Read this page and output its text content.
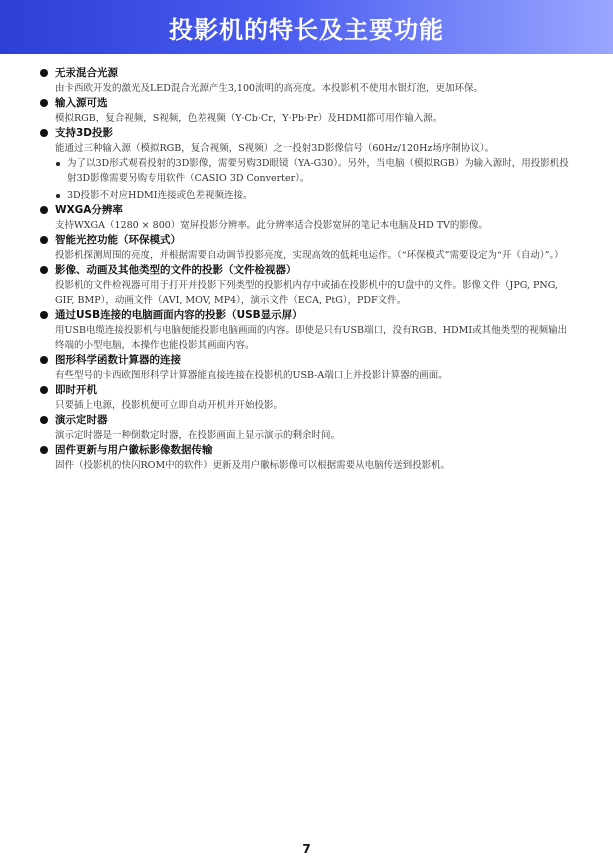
投影机的特长及主要功能
无汞混合光源
由卡西欧开发的激光及LED混合光源产生3,100流明的高亮度。本投影机不使用水银灯泡，更加环保。
输入源可选
模拟RGB，复合视频，S视频，色差视频（Y·Cb·Cr，Y·Pb·Pr）及HDMI都可用作输入源。
支持3D投影
能通过三种输入源（模拟RGB，复合视频，S视频）之一投射3D影像信号（60Hz/120Hz场序制协议）。
为了以3D形式观看投射的3D影像，需要另购3D眼镜（YA-G30）。另外，当电脑（模拟RGB）为输入源时，用投影机投射3D影像需要另购专用软件（CASIO 3D Converter）。
3D投影不对应HDMI连接或色差视频连接。
WXGA分辨率
支持WXGA（1280 × 800）宽屏投影分辨率。此分辨率适合投影宽屏的笔记本电脑及HD TV的影像。
智能光控功能（环保模式）
投影机探测周围的亮度，并根据需要自动调节投影亮度，实现高效的低耗电运作。（“环保模式”需要设定为“开（自动）”。）
影像、动画及其他类型的文件的投影（文件检视器）
投影机的文件检视器可用于打开并投影下列类型的投影机内存中或插在投影机中的U盘中的文件。影像文件（JPG, PNG, GIF, BMP），动画文件（AVI, MOV, MP4），演示文件（ECA, PtG），PDF文件。
通过USB连接的电脑画面内容的投影（USB显示屏）
用USB电缆连接投影机与电脑便能投影电脑画面的内容。即使是只有USB端口，没有RGB、HDMI或其他类型的视频输出终端的小型电脑，本操作也能投影其画面内容。
图形科学函数计算器的连接
有些型号的卡西欧图形科学计算器能直接连接在投影机的USB-A端口上并投影计算器的画面。
即时开机
只要插上电源，投影机便可立即自动开机并开始投影。
演示定时器
演示定时器是一种倒数定时器，在投影画面上显示演示的剩余时间。
固件更新与用户徽标影像数据传输
固件（投影机的快闪ROM中的软件）更新及用户徽标影像可以根据需要从电脑传送到投影机。
7
